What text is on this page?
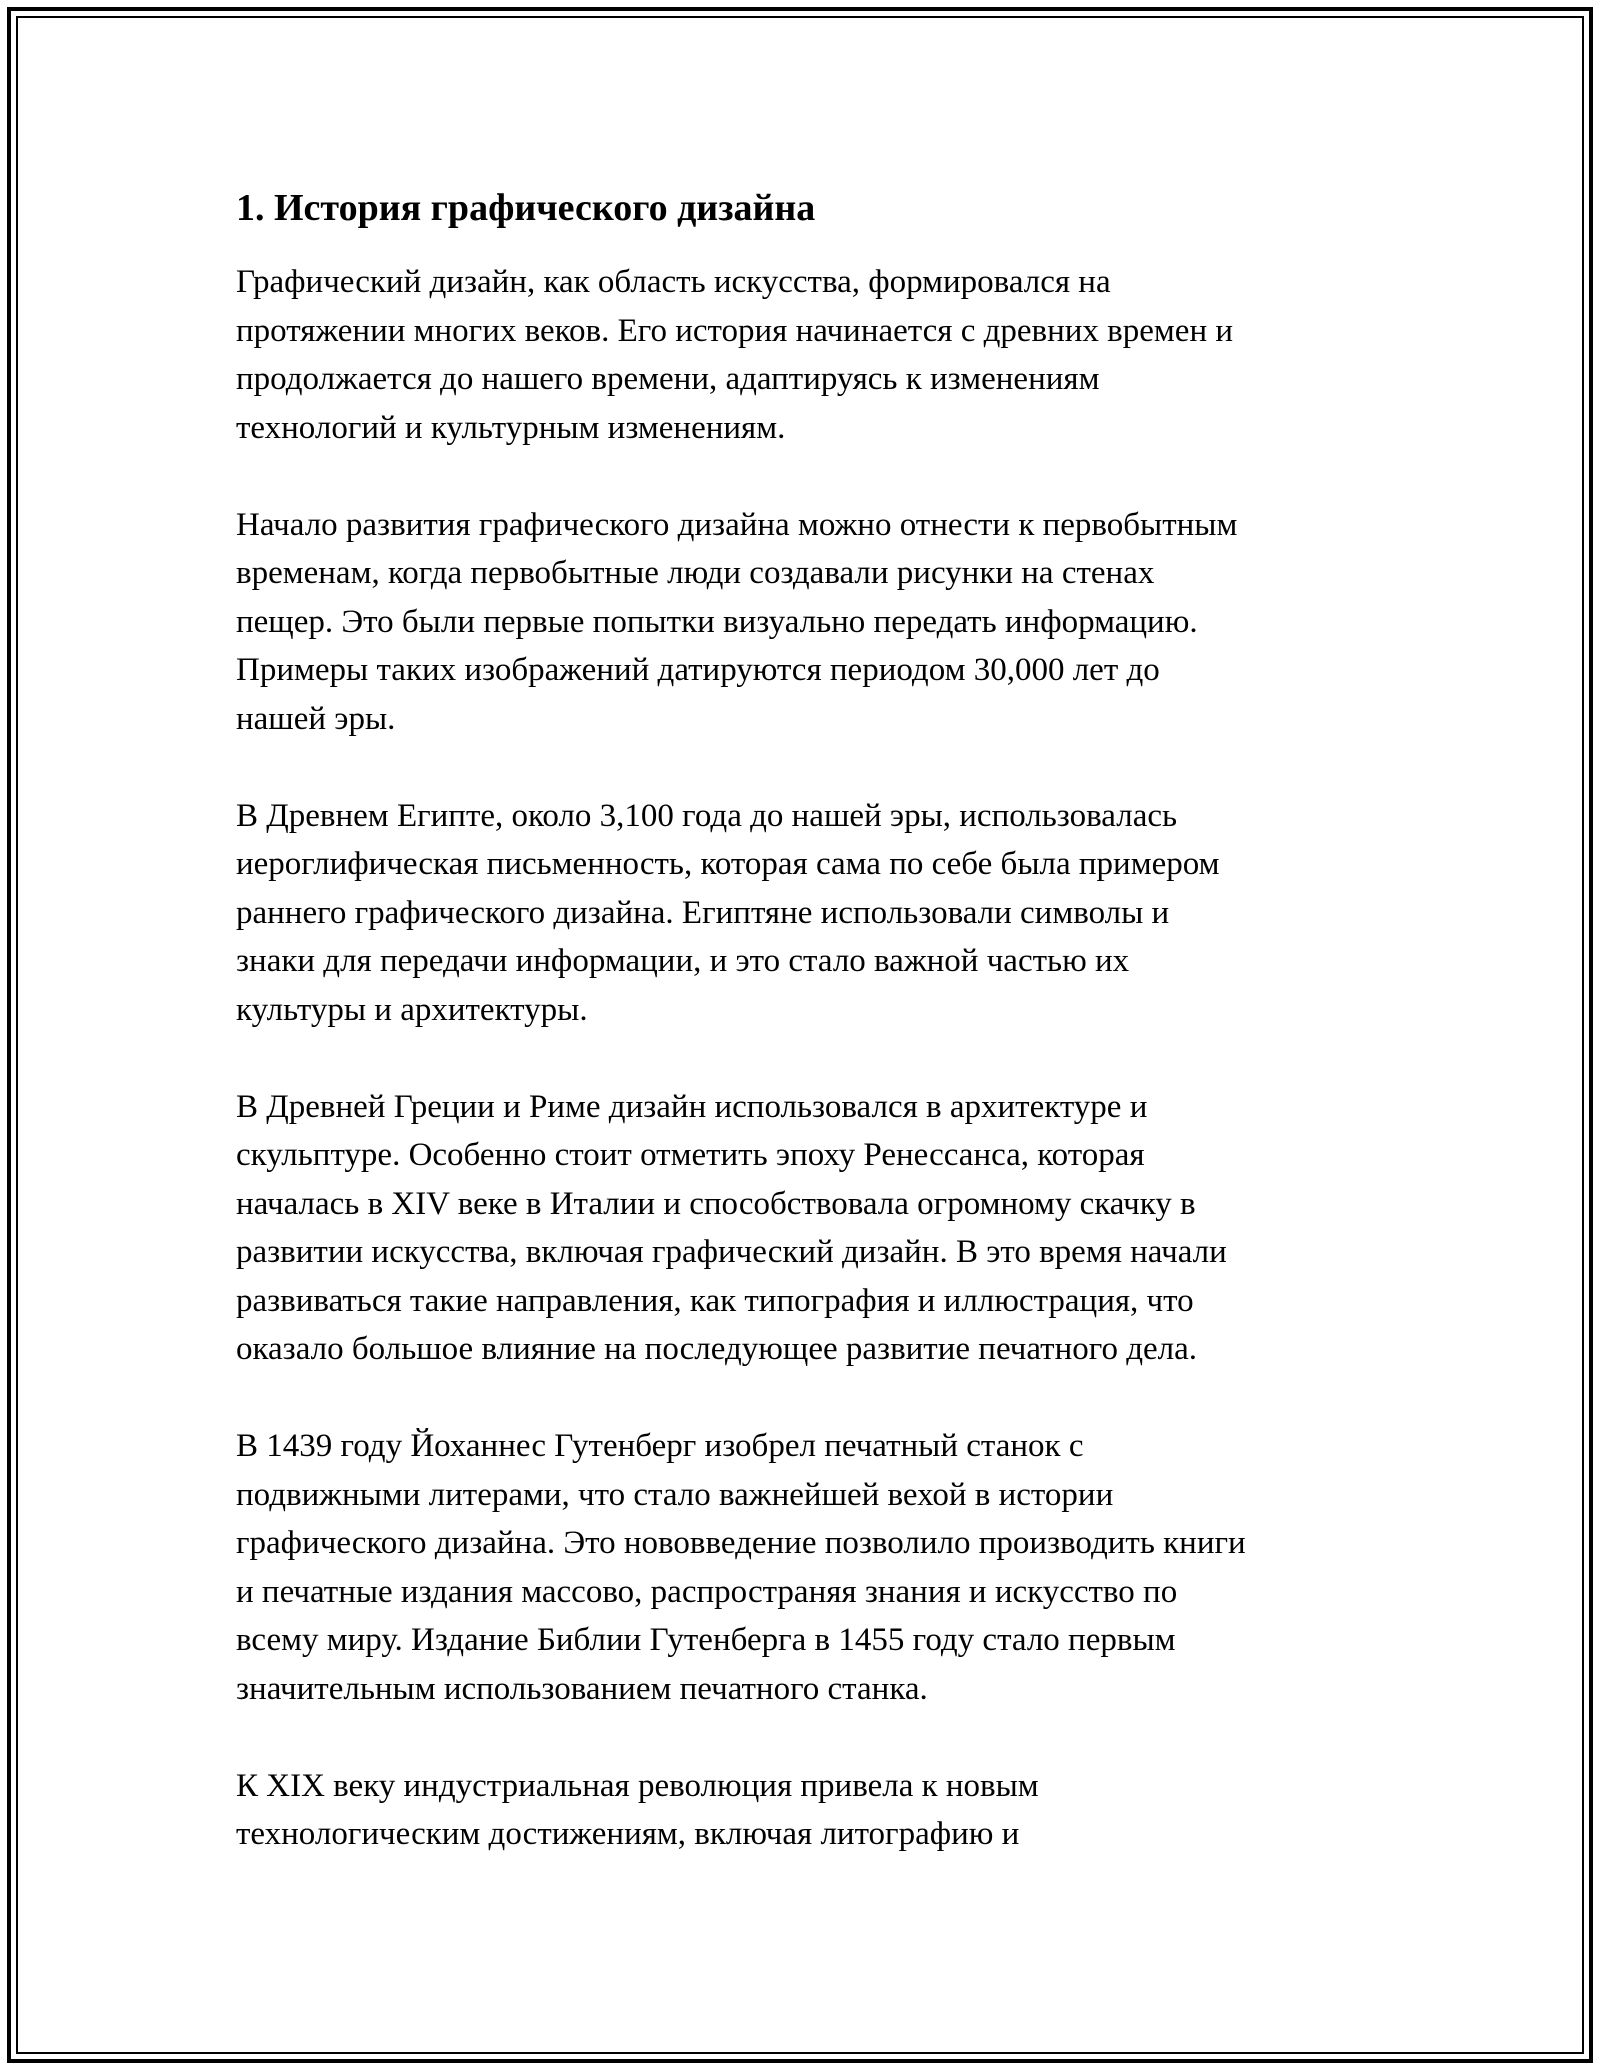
1. История графического дизайна

Графический дизайн, как область искусства, формировался на
протяжении многих веков. Его история начинается с древних времен и
продолжается до нашего времени, адаптируясь к изменениям
технологий и культурным изменениям.

Начало развития графического дизайна можно отнести к первобытным
временам, когда первобытные люди создавали рисунки на стенах
пещер. Это были первые попытки визуально передать информацию.
Примеры таких изображений датируются периодом 30,000 лет до
нашей эры.

В Древнем Египте, около 3,100 года до нашей эры, использовалась
иероглифическая письменность, которая сама по себе была примером
раннего графического дизайна. Египтяне использовали символы и
знаки для передачи информации, и это стало важной частью их
культуры и архитектуры.

В Древней Греции и Риме дизайн использовался в архитектуре и
скульптуре. Особенно стоит отметить эпоху Ренессанса, которая
началась в XIV веке в Италии и способствовала огромному скачку в
развитии искусства, включая графический дизайн. В это время начали
развиваться такие направления, как типография и иллюстрация, что
оказало большое влияние на последующее развитие печатного дела.

В 1439 году Йоханнес Гутенберг изобрел печатный станок с
подвижными литерами, что стало важнейшей вехой в истории
графического дизайна. Это нововведение позволило производить книги
и печатные издания массово, распространяя знания и искусство по
всему миру. Издание Библии Гутенберга в 1455 году стало первым
значительным использованием печатного станка.

К XIX веку индустриальная революция привела к новым
технологическим достижениям, включая литографию и
